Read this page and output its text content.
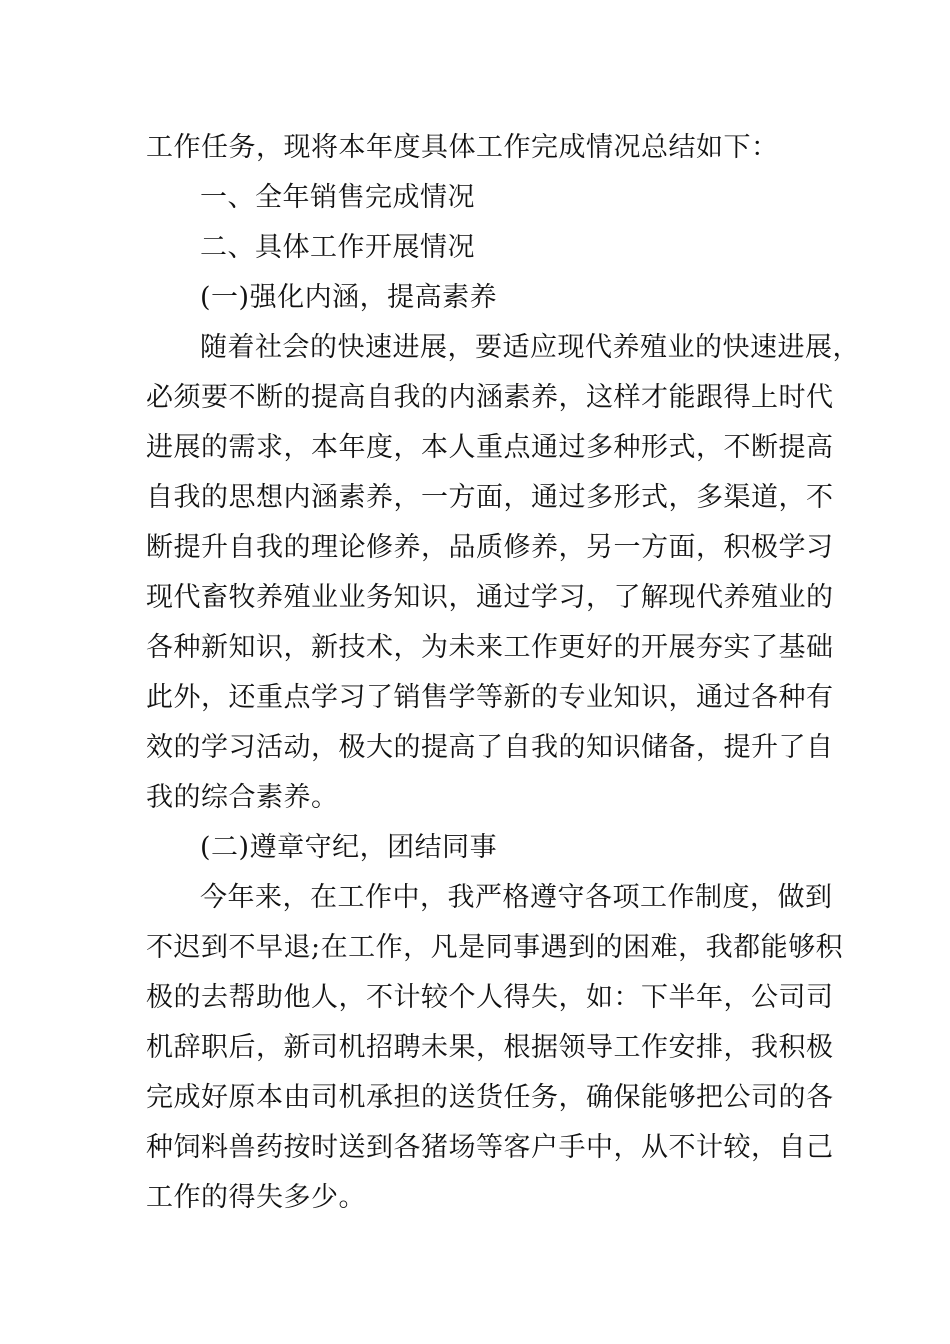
工作任务，现将本年度具体工作完成情况总结如下：
一、全年销售完成情况
二、具体工作开展情况
(一)强化内涵，提高素养
随着社会的快速进展，要适应现代养殖业的快速进展，
必须要不断的提高自我的内涵素养，这样才能跟得上时代
进展的需求，本年度，本人重点通过多种形式，不断提高
自我的思想内涵素养，一方面，通过多形式，多渠道，不
断提升自我的理论修养，品质修养，另一方面，积极学习
现代畜牧养殖业业务知识，通过学习，了解现代养殖业的
各种新知识，新技术，为未来工作更好的开展夯实了基础
此外，还重点学习了销售学等新的专业知识，通过各种有
效的学习活动，极大的提高了自我的知识储备，提升了自
我的综合素养。
(二)遵章守纪，团结同事
今年来，在工作中，我严格遵守各项工作制度，做到
不迟到不早退;在工作，凡是同事遇到的困难，我都能够积
极的去帮助他人，不计较个人得失，如：下半年，公司司
机辞职后，新司机招聘未果，根据领导工作安排，我积极
完成好原本由司机承担的送货任务，确保能够把公司的各
种饲料兽药按时送到各猪场等客户手中，从不计较，自己
工作的得失多少。
